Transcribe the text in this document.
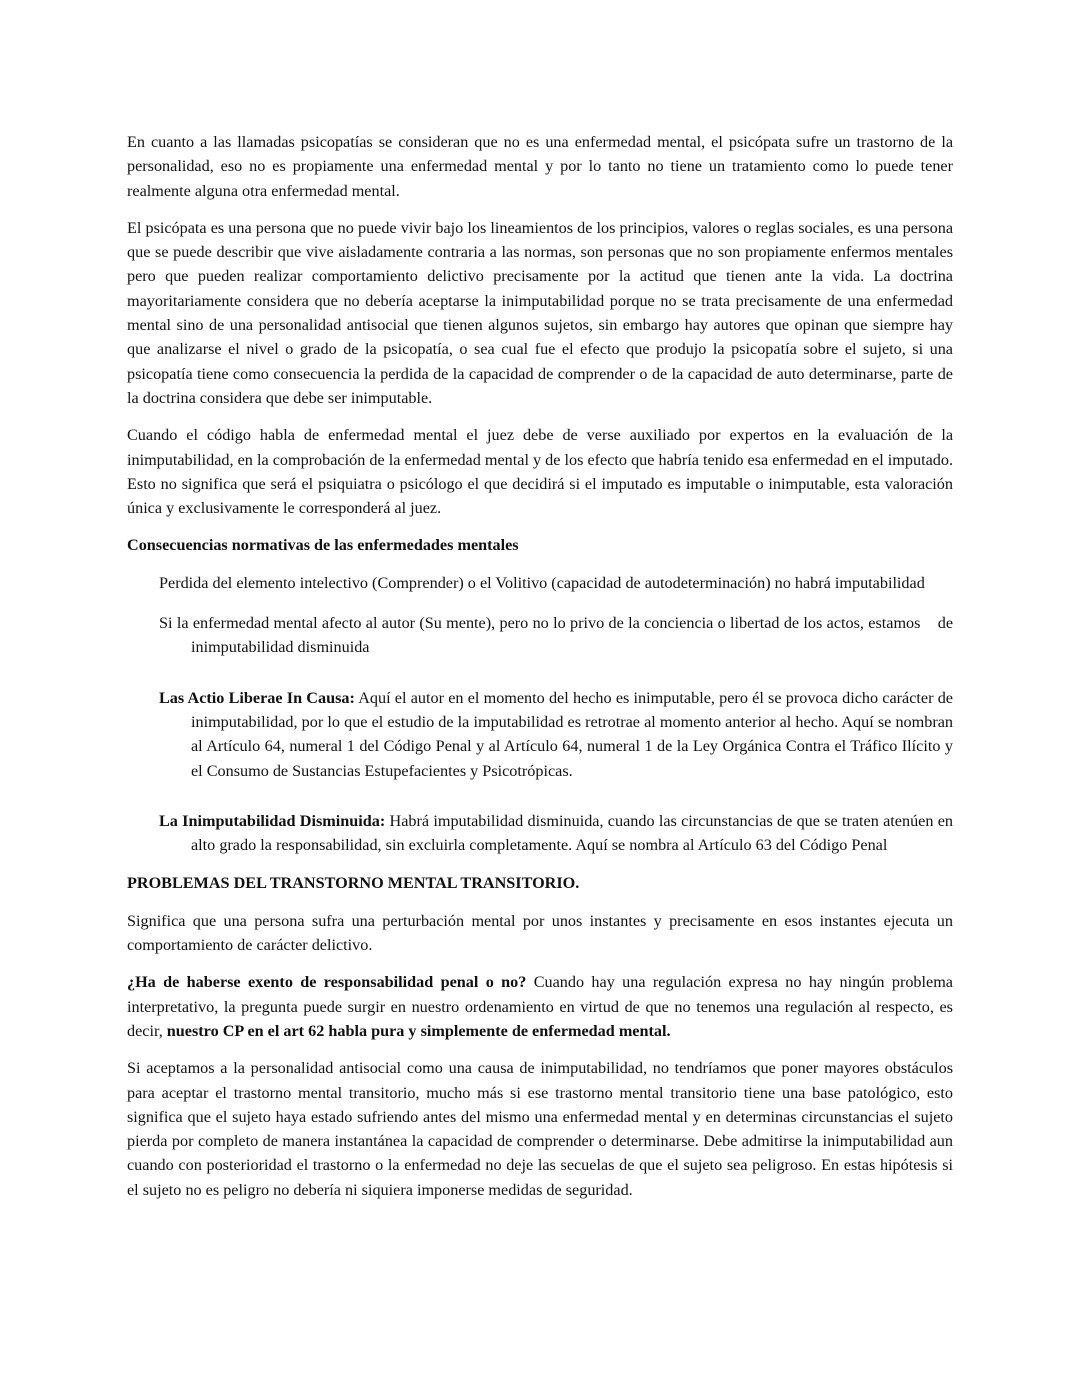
En cuanto a las llamadas psicopatías se consideran que no es una enfermedad mental, el psicópata sufre un trastorno de la personalidad, eso no es propiamente una enfermedad mental y por lo tanto no tiene un tratamiento como lo puede tener realmente alguna otra enfermedad mental.

El psicópata es una persona que no puede vivir bajo los lineamientos de los principios, valores o reglas sociales, es una persona que se puede describir que vive aisladamente contraria a las normas, son personas que no son propiamente enfermos mentales pero que pueden realizar comportamiento delictivo precisamente por la actitud que tienen ante la vida. La doctrina mayoritariamente considera que no debería aceptarse la inimputabilidad porque no se trata precisamente de una enfermedad mental sino de una personalidad antisocial que tienen algunos sujetos, sin embargo hay autores que opinan que siempre hay que analizarse el nivel o grado de la psicopatía, o sea cual fue el efecto que produjo la psicopatía sobre el sujeto, si una psicopatía tiene como consecuencia la perdida de la capacidad de comprender o de la capacidad de auto determinarse, parte de la doctrina considera que debe ser inimputable.

Cuando el código habla de enfermedad mental el juez debe de verse auxiliado por expertos en la evaluación de la inimputabilidad, en la comprobación de la enfermedad mental y de los efecto que habría tenido esa enfermedad en el imputado. Esto no significa que será el psiquiatra o psicólogo el que decidirá si el imputado es imputable o inimputable, esta valoración única y exclusivamente le corresponderá al juez.

Consecuencias normativas de las enfermedades mentales

Perdida del elemento intelectivo (Comprender) o el Volitivo (capacidad de autodeterminación) no habrá imputabilidad

Si la enfermedad mental afecto al autor (Su mente), pero no lo privo de la conciencia o libertad de los actos, estamos    de inimputabilidad disminuida

Las Actio Liberae In Causa: Aquí el autor en el momento del hecho es inimputable, pero él se provoca dicho carácter de inimputabilidad, por lo que el estudio de la imputabilidad es retrotrae al momento anterior al hecho. Aquí se nombran al Artículo 64, numeral 1 del Código Penal y al Artículo 64, numeral 1 de la Ley Orgánica Contra el Tráfico Ilícito y el Consumo de Sustancias Estupefacientes y Psicotrópicas.

La Inimputabilidad Disminuida: Habrá imputabilidad disminuida, cuando las circunstancias de que se traten atenúen en alto grado la responsabilidad, sin excluirla completamente. Aquí se nombra al Artículo 63 del Código Penal

PROBLEMAS DEL TRANSTORNO MENTAL TRANSITORIO.

Significa que una persona sufra una perturbación mental por unos instantes y precisamente en esos instantes ejecuta un comportamiento de carácter delictivo.

¿Ha de haberse exento de responsabilidad penal o no? Cuando hay una regulación expresa no hay ningún problema interpretativo, la pregunta puede surgir en nuestro ordenamiento en virtud de que no tenemos una regulación al respecto, es decir, nuestro CP en el art 62 habla pura y simplemente de enfermedad mental.

Si aceptamos a la personalidad antisocial como una causa de inimputabilidad, no tendríamos que poner mayores obstáculos para aceptar el trastorno mental transitorio, mucho más si ese trastorno mental transitorio tiene una base patológico, esto significa que el sujeto haya estado sufriendo antes del mismo una enfermedad mental y en determinas circunstancias el sujeto pierda por completo de manera instantánea la capacidad de comprender o determinarse. Debe admitirse la inimputabilidad aun cuando con posterioridad el trastorno o la enfermedad no deje las secuelas de que el sujeto sea peligroso. En estas hipótesis si el sujeto no es peligro no debería ni siquiera imponerse medidas de seguridad.
